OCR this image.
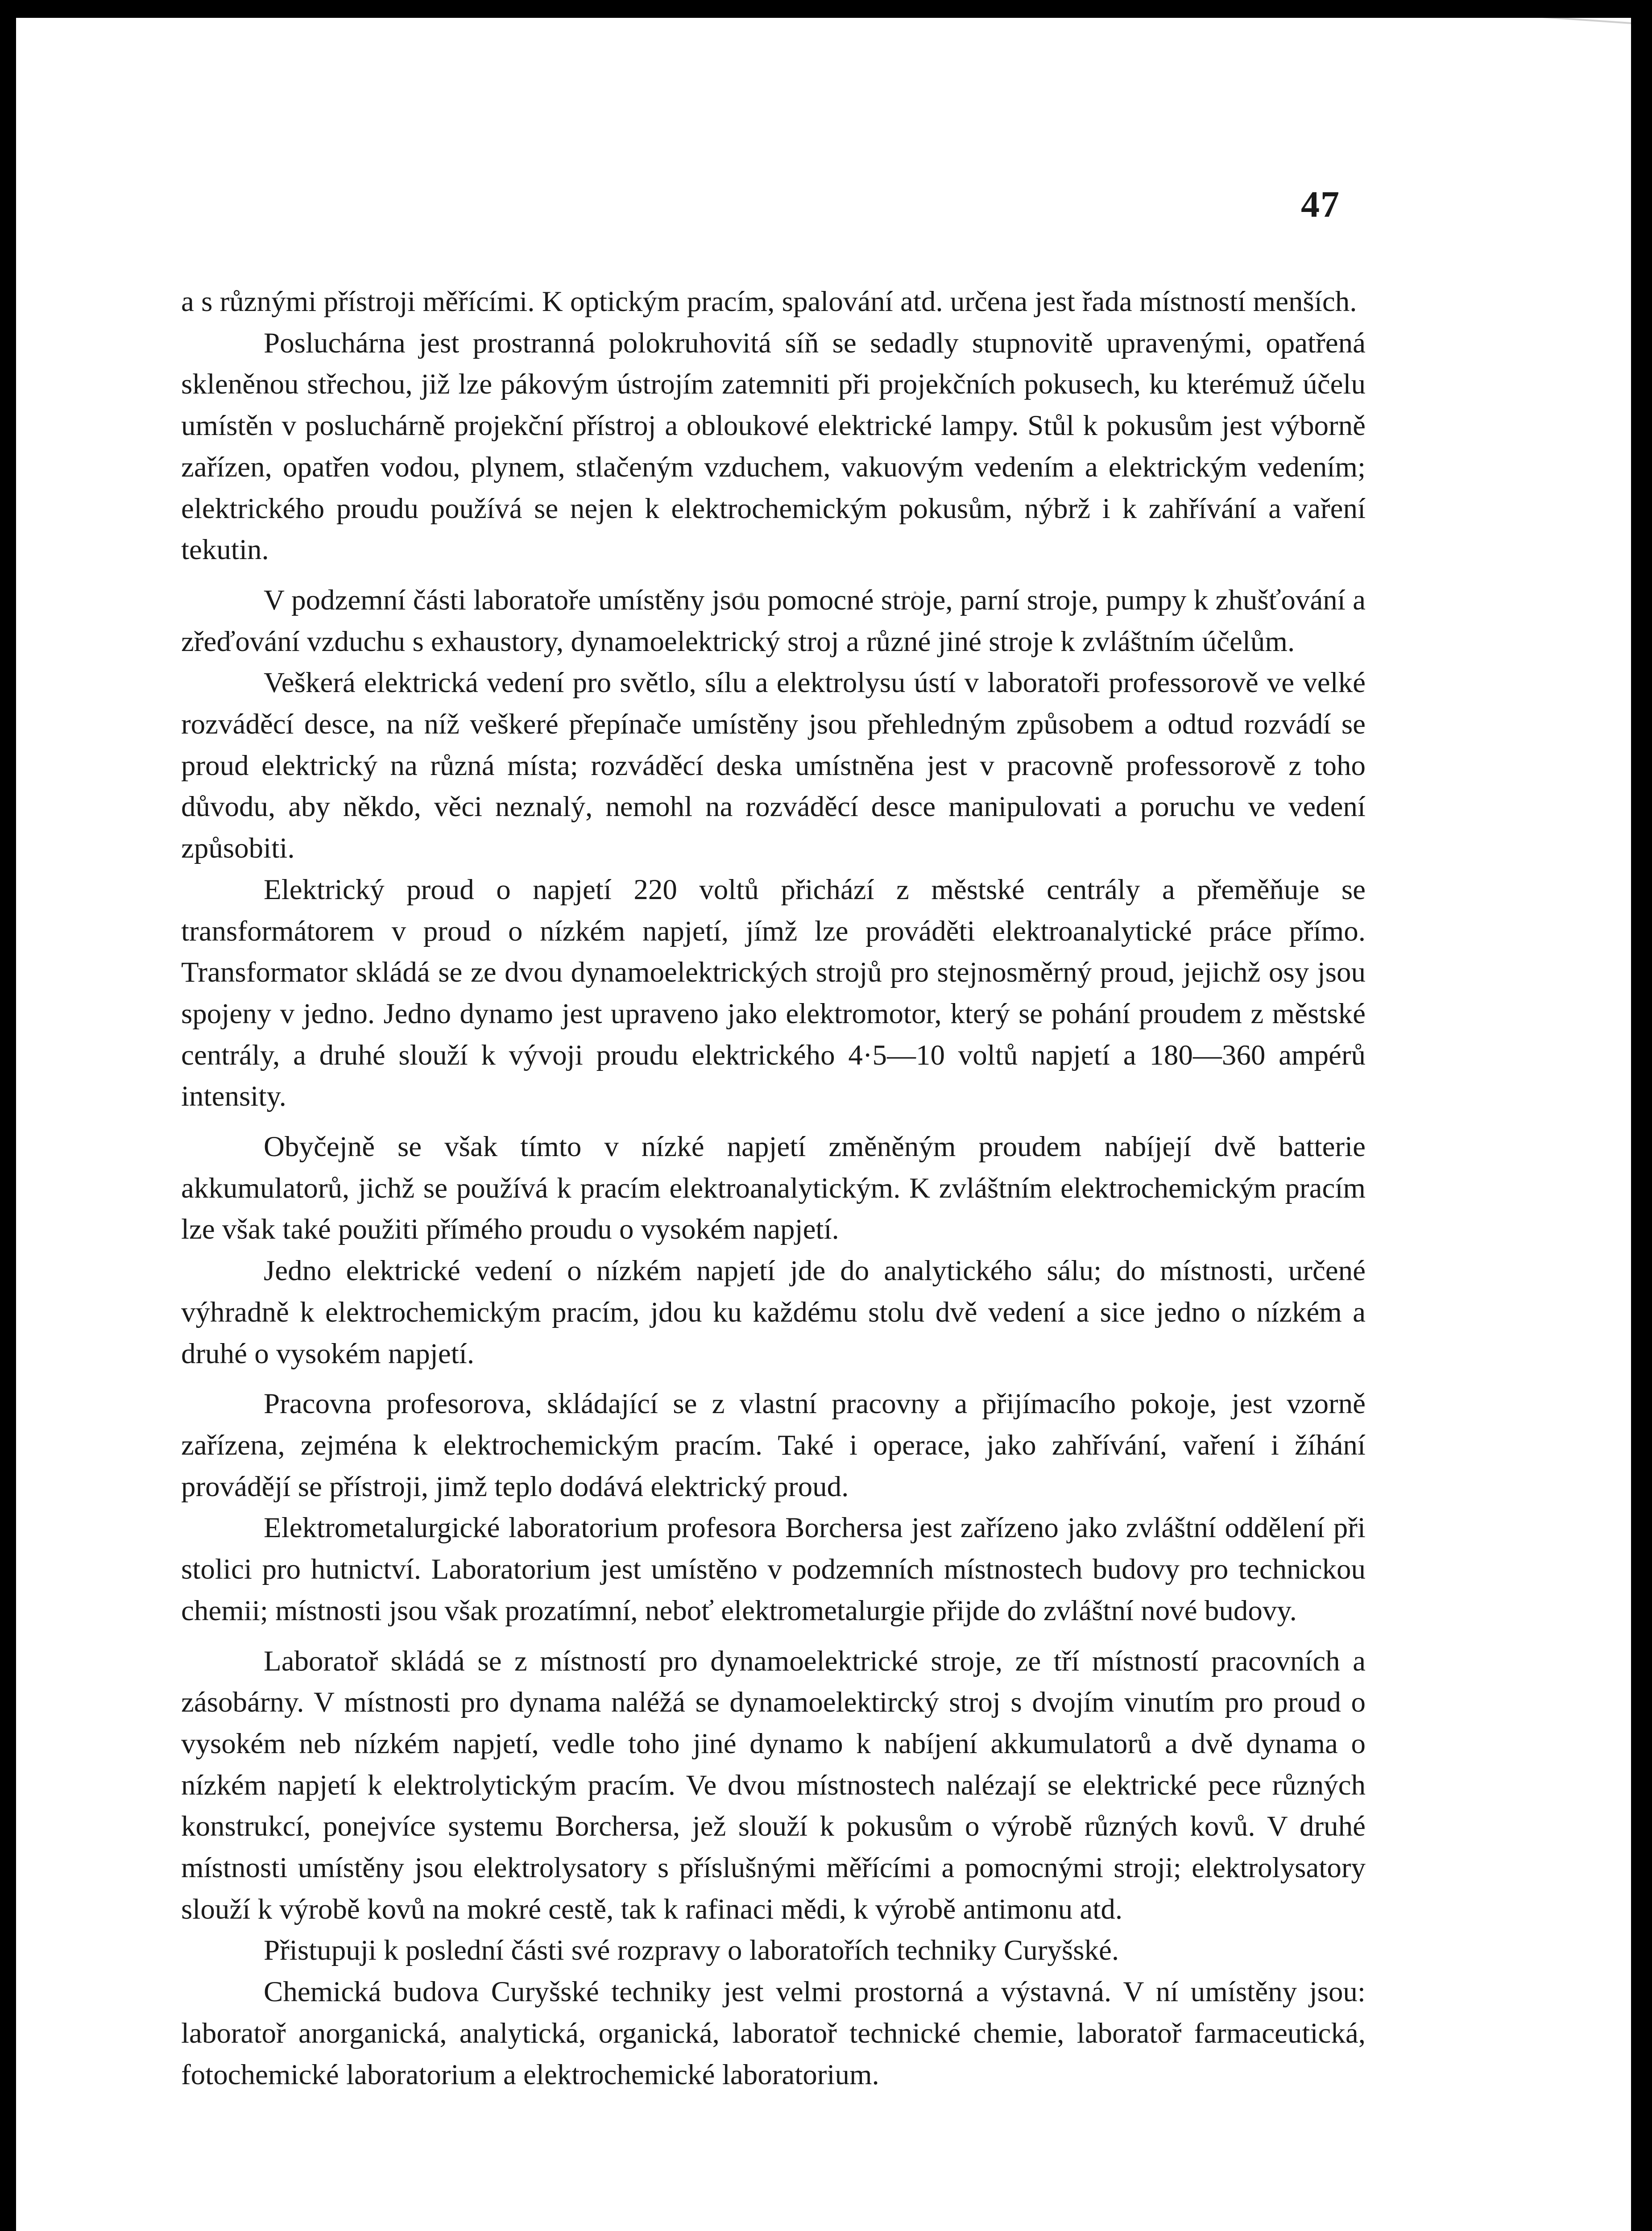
47

a s různými přístroji měřícími. K optickým pracím, spalování atd. určena jest řada místností menších.

Posluchárna jest prostranná polokruhovitá síň se sedadly stupnovitě upravenými, opatřená skleněnou střechou, již lze pákovým ústrojím zatemniti při projekčních pokusech, ku kterémuž účelu umístěn v posluchárně projekční přístroj a obloukové elektrické lampy. Stůl k pokusům jest výborně zařízen, opatřen vodou, plynem, stlačeným vzduchem, vakuovým vedením a elektrickým vedením; elektrického proudu používá se nejen k elektrochemickým pokusům, nýbrž i k zahřívání a vaření tekutin.

V podzemní části laboratoře umístěny jsou pomocné stroje, parní stroje, pumpy k zhušťování a zřeďování vzduchu s exhaustory, dynamoelektrický stroj a různé jiné stroje k zvláštním účelům.

Veškerá elektrická vedení pro světlo, sílu a elektrolysu ústí v laboratoři professorově ve velké rozváděcí desce, na níž veškeré přepínače umístěny jsou přehledným způsobem a odtud rozvádí se proud elektrický na různá místa; rozváděcí deska umístněna jest v pracovně professorově z toho důvodu, aby někdo, věci neznalý, nemohl na rozváděcí desce manipulovati a poruchu ve vedení způsobiti.

Elektrický proud o napjetí 220 voltů přichází z městské centrály a přeměňuje se transformátorem v proud o nízkém napjetí, jímž lze prováděti elektroanalytické práce přímo. Transformator skládá se ze dvou dynamoelektrických strojů pro stejnosměrný proud, jejichž osy jsou spojeny v jedno. Jedno dynamo jest upraveno jako elektromotor, který se pohání proudem z městské centrály, a druhé slouží k vývoji proudu elektrického 4·5—10 voltů napjetí a 180—360 ampérů intensity.

Obyčejně se však tímto v nízké napjetí změněným proudem nabíjejí dvě batterie akkumulatorů, jichž se používá k pracím elektroanalytickým. K zvláštním elektrochemickým pracím lze však také použiti přímého proudu o vysokém napjetí.

Jedno elektrické vedení o nízkém napjetí jde do analytického sálu; do místnosti, určené výhradně k elektrochemickým pracím, jdou ku každému stolu dvě vedení a sice jedno o nízkém a druhé o vysokém napjetí.

Pracovna profesorova, skládající se z vlastní pracovny a přijímacího pokoje, jest vzorně zařízena, zejména k elektrochemickým pracím. Také i operace, jako zahřívání, vaření i žíhání provádějí se přístroji, jimž teplo dodává elektrický proud.

Elektrometalurgické laboratorium profesora Borchersa jest zařízeno jako zvláštní oddělení při stolici pro hutnictví. Laboratorium jest umístěno v podzemních místnostech budovy pro technickou chemii; místnosti jsou však prozatímní, neboť elektrometalurgie přijde do zvláštní nové budovy.

Laboratoř skládá se z místností pro dynamoelektrické stroje, ze tří místností pracovních a zásobárny. V místnosti pro dynama naléžá se dynamoelektircký stroj s dvojím vinutím pro proud o vysokém neb nízkém napjetí, vedle toho jiné dynamo k nabíjení akkumulatorů a dvě dynama o nízkém napjetí k elektrolytickým pracím. Ve dvou místnostech nalézají se elektrické pece různých konstrukcí, ponejvíce systemu Borchersa, jež slouží k pokusům o výrobě různých kovů. V druhé místnosti umístěny jsou elektrolysatory s příslušnými měřícími a pomocnými stroji; elektrolysatory slouží k výrobě kovů na mokré cestě, tak k rafinaci mědi, k výrobě antimonu atd.

Přistupuji k poslední části své rozpravy o laboratořích techniky Curyšské.

Chemická budova Curyšské techniky jest velmi prostorná a výstavná. V ní umístěny jsou: laboratoř anorganická, analytická, organická, laboratoř technické chemie, laboratoř farmaceutická, fotochemické laboratorium a elektrochemické laboratorium.
